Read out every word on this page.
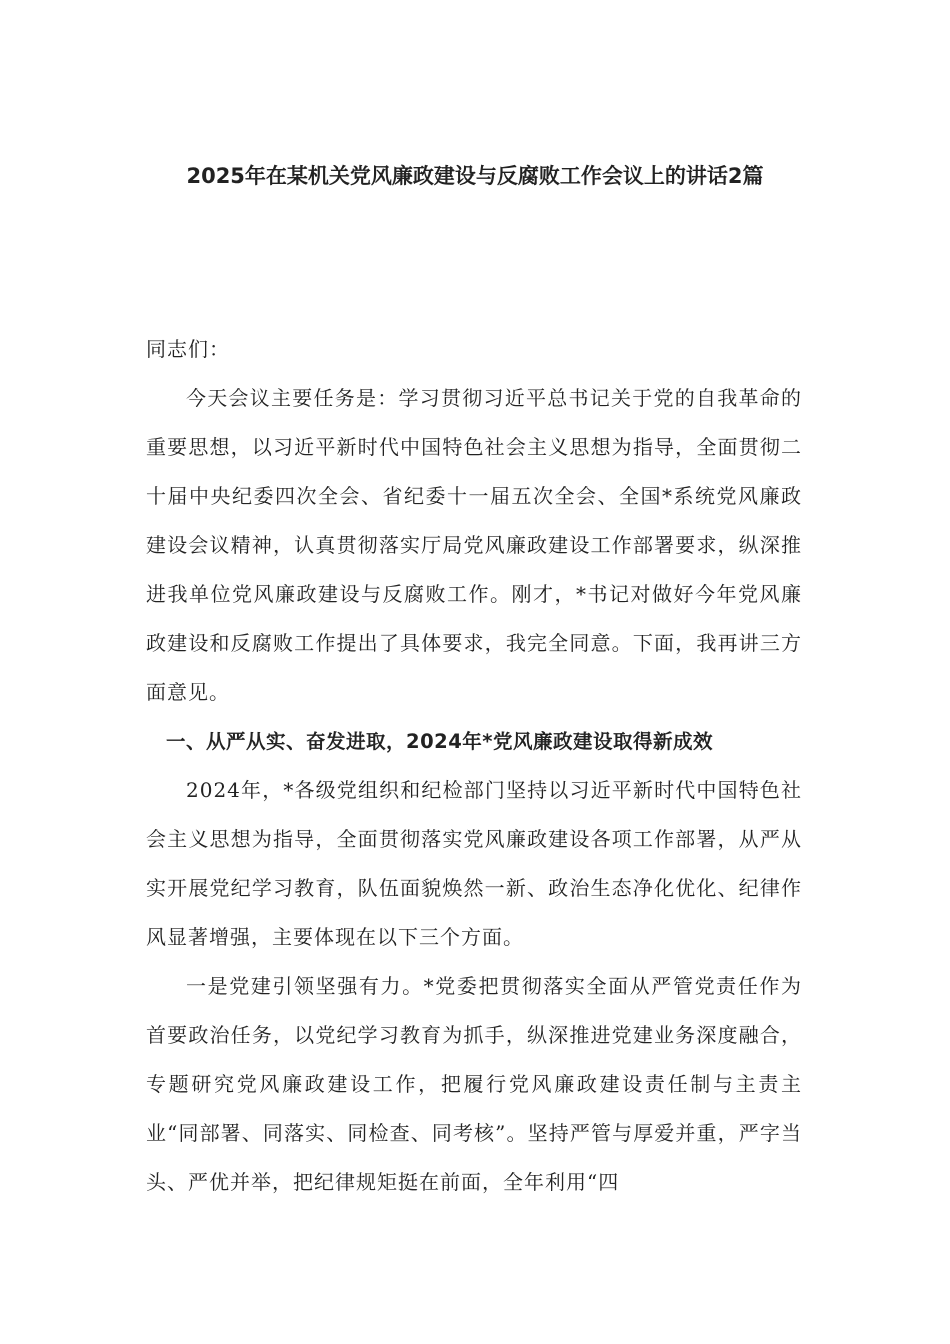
2025年在某机关党风廉政建设与反腐败工作会议上的讲话2篇

同志们：

今天会议主要任务是：学习贯彻习近平总书记关于党的自我革命的重要思想，以习近平新时代中国特色社会主义思想为指导，全面贯彻二十届中央纪委四次全会、省纪委十一届五次全会、全国*系统党风廉政建设会议精神，认真贯彻落实厅局党风廉政建设工作部署要求，纵深推进我单位党风廉政建设与反腐败工作。刚才，*书记对做好今年党风廉政建设和反腐败工作提出了具体要求，我完全同意。下面，我再讲三方面意见。

一、从严从实、奋发进取，2024年*党风廉政建设取得新成效

2024年，*各级党组织和纪检部门坚持以习近平新时代中国特色社会主义思想为指导，全面贯彻落实党风廉政建设各项工作部署，从严从实开展党纪学习教育，队伍面貌焕然一新、政治生态净化优化、纪律作风显著增强，主要体现在以下三个方面。

一是党建引领坚强有力。*党委把贯彻落实全面从严管党责任作为首要政治任务，以党纪学习教育为抓手，纵深推进党建业务深度融合，专题研究党风廉政建设工作，把履行党风廉政建设责任制与主责主业“同部署、同落实、同检查、同考核”。坚持严管与厚爱并重，严字当头、严优并举，把纪律规矩挺在前面，全年利用“四
